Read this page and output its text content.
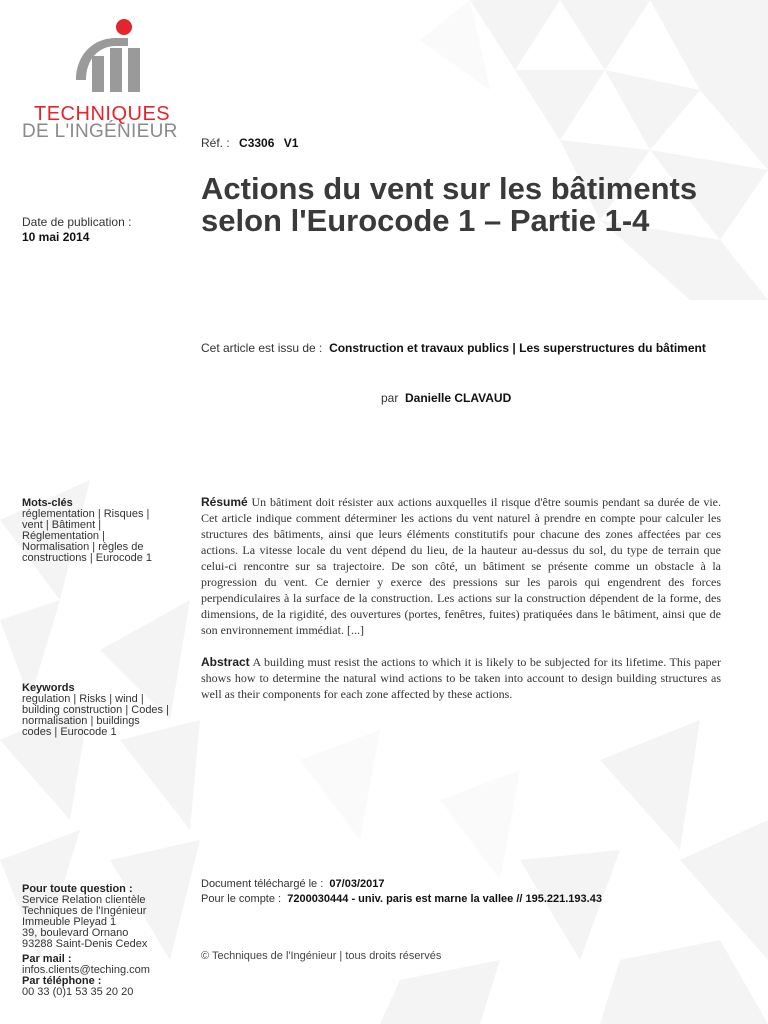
TECHNIQUES
DE L'INGÉNIEUR
Réf. : C3306 V1
Actions du vent sur les bâtiments selon l'Eurocode 1 – Partie 1-4
Date de publication :
10 mai 2014
Cet article est issu de : Construction et travaux publics | Les superstructures du bâtiment
par Danielle CLAVAUD
Mots-clés
réglementation | Risques | vent | Bâtiment | Réglementation | Normalisation | règles de constructions | Eurocode 1
Keywords
regulation | Risks | wind | building construction | Codes | normalisation | buildings codes | Eurocode 1
Résumé Un bâtiment doit résister aux actions auxquelles il risque d'être soumis pendant sa durée de vie. Cet article indique comment déterminer les actions du vent naturel à prendre en compte pour calculer les structures des bâtiments, ainsi que leurs éléments constitutifs pour chacune des zones affectées par ces actions. La vitesse locale du vent dépend du lieu, de la hauteur au-dessus du sol, du type de terrain que celui-ci rencontre sur sa trajectoire. De son côté, un bâtiment se présente comme un obstacle à la progression du vent. Ce dernier y exerce des pressions sur les parois qui engendrent des forces perpendiculaires à la surface de la construction. Les actions sur la construction dépendent de la forme, des dimensions, de la rigidité, des ouvertures (portes, fenêtres, fuites) pratiquées dans le bâtiment, ainsi que de son environnement immédiat. [...]
Abstract A building must resist the actions to which it is likely to be subjected for its lifetime. This paper shows how to determine the natural wind actions to be taken into account to design building structures as well as their components for each zone affected by these actions.
Document téléchargé le : 07/03/2017
Pour le compte : 7200030444 - univ. paris est marne la vallee // 195.221.193.43
Pour toute question :
Service Relation clientèle
Techniques de l'Ingénieur
Immeuble Pleyad 1
39, boulevard Ornano
93288 Saint-Denis Cedex
Par mail :
infos.clients@teching.com
Par téléphone :
00 33 (0)1 53 35 20 20
© Techniques de l'Ingénieur | tous droits réservés
